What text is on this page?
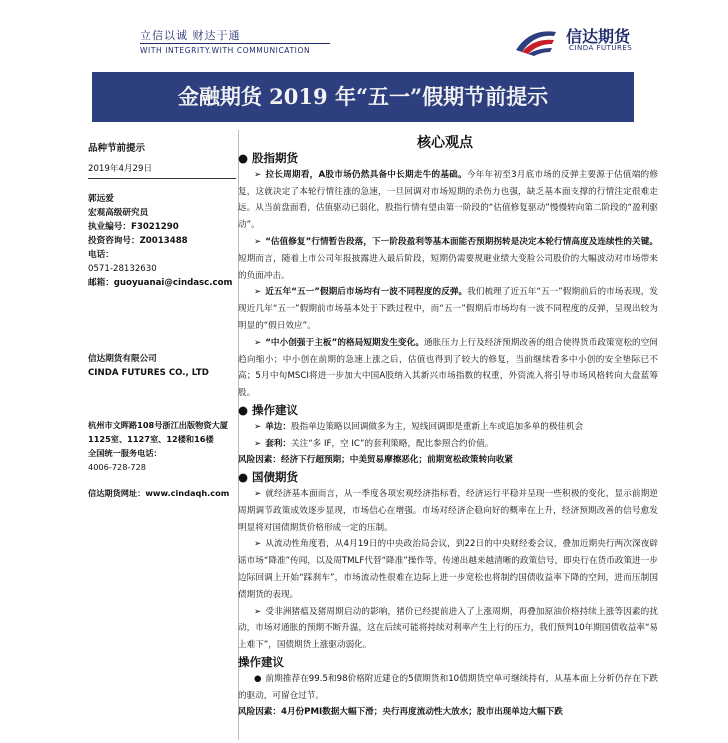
立信以诚 财达于通
WITH INTEGRITY.WITH COMMUNICATION
信达期货
CINDA FUTURES
金融期货 2019 年“五一”假期节前提示
品种节前提示
2019年4月29日
郭远爱
宏观高级研究员
执业编号：F3021290
投资咨询号：Z0013488
电话：
0571-28132630
邮箱：guoyuanai@cindasc.com
信达期货有限公司
CINDA FUTURES CO., LTD
杭州市文晖路108号浙江出版物资大厦1125室、1127室、12楼和16楼
全国统一服务电话：
4006-728-728
信达期货网址：www.cindaqh.com
核心观点
● 股指期货

➢ 拉长周期看，A股市场仍然具备中长期走牛的基础。今年年初至3月底市场的反弹主要源于估值端的修复，这就决定了本轮行情往涨的急速，一旦回调对市场短期的杀伤力也强，缺乏基本面支撑的行情注定很难走远。从当前盘面看，估值驱动已弱化，股指行情有望由第一阶段的“估值修复驱动”慢慢转向第二阶段的“盈利驱动”。

➢ “估值修复”行情暂告段落，下一阶段盈利等基本面能否预期拐转是决定本轮行情高度及连续性的关键。短期而言，随着上市公司年报披露进入最后阶段，短期仍需要规避业绩大变脸公司股价的大幅波动对市场带来的负面冲击。

➢ 近五年“五一”假期后市场均有一波不同程度的反弹。我们梳理了近五年“五一”假期前后的市场表现，发现近几年“五一”假期前市场基本处于下跌过程中，而“五一”假期后市场均有一波不同程度的反弹，呈现出较为明显的“假日效应”。

➢ “中小创强于主板”的格局短期发生变化。通胀压力上行及经济预期改善的组合使得货币政策宽松的空间趋向缩小；中小创在前期的急速上涨之后，估值也得到了较大的修复，当前继续看多中小创的安全垫际已不高；5月中旬MSCI将进一步加大中国A股纳入其新兴市场指数的权重，外资流入将引导市场风格转向大盘蓝筹股。

● 操作建议

➢ 单边：股指单边策略以回调做多为主，短线回调即是重新上车或追加多单的极佳机会

➢ 套利：关注“多 IF，空 IC”的套利策略，配比参照合约价值。

风险因素：经济下行超预期；中美贸易摩擦恶化；前期宽松政策转向收紧

● 国债期货

➢ 就经济基本面而言，从一季度各项宏观经济指标看，经济运行平稳并呈现一些积极的变化，显示前期逆周期调节政策成效逐步显现，市场信心在增强。市场对经济企稳向好的概率在上升，经济预期改善的信号愈发明显将对国债期货价格形成一定的压制。

➢ 从流动性角度看，从4月19日的中央政治局会议，到22日的中央财经委会议，叠加近期央行两次深夜辟谣市场“降准”传闻，以及周TMLF代替“降准”操作等，传递出越来越清晰的政策信号，即央行在货币政策进一步边际回调上开始“踩刹车”，市场流动性很难在边际上进一步宽松也将制约国债收益率下降的空间，进而压制国债期货的表现。

➢ 受非洲猪瘟及猪周期启动的影响，猪价已经提前进入了上涨周期，再叠加原油价格持续上涨等因素的扰动，市场对通胀的预期不断升温，这在后续可能将持续对利率产生上行的压力，我们预判10年期国债收益率“易上难下”，国债期货上涨驱动弱化。

操作建议

● 前期推荐在99.5和98价格附近建仓的5债期货和10债期货空单可继续持有，从基本面上分析仍存在下跌的驱动，可留仓过节。

风险因素：4月份PMI数据大幅下滑；央行再度流动性大放水；股市出现单边大幅下跌
